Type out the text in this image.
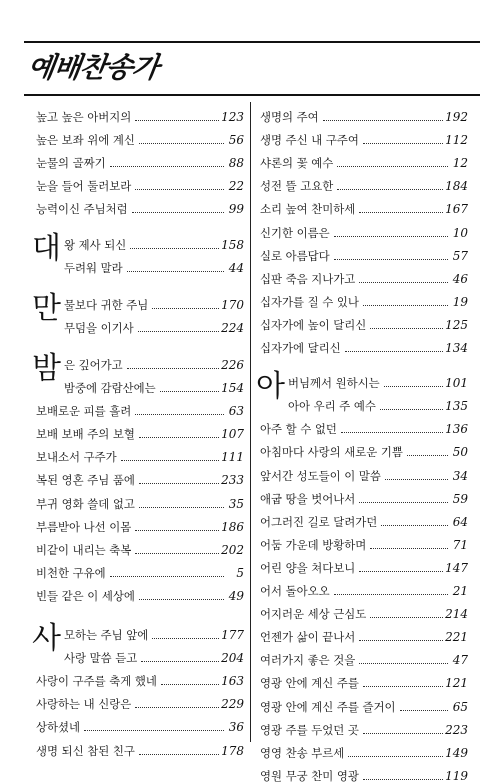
예배찬송가
높고 높은 아버지의	123
높은 보좌 위에 계신	56
눈물의 골짜기	88
눈을 들어 둘러보라	22
능력이신 주님처럼	99
대 왕 제사 되신	158
두려워 말라	44
만 물보다 귀한 주님	170
무덤을 이기사	224
밤 은 깊어가고	226
밤중에 감람산에는	154
보배로운 피를 흘려	63
보배 보배 주의 보혈	107
보내소서 구주가	111
복된 영혼 주님 품에	233
부귀 영화 쓸데 없고	35
부름받아 나선 이몸	186
비같이 내리는 축복	202
비천한 구유에	5
빈들 같은 이 세상에	49
사 모하는 주님 앞에	177
사랑 말씀 듣고	204
사랑이 구주를 축게 했네	163
사랑하는 내 신랑은	229
상하셨네	36
생명 되신 참된 친구	178
생명의 주여	192
생명 주신 내 구주여	112
샤론의 꽃 예수	12
성전 뜰 고요한	184
소리 높여 찬미하세	167
신기한 이름은	10
실로 아름답다	57
십판 죽음 지나가고	46
십자가를 질 수 있나	19
십자가에 높이 달리신	125
십자가에 달리신	134
아 버님께서 원하시는	101
아아 우리 주 예수	135
아주 할 수 없던	136
아침마다 사랑의 새로운 기쁨	50
앞서간 성도들이 이 말씀	34
애굽 땅을 벗어나서	59
어그러진 길로 달려가던	64
어둠 가운데 방황하며	71
어린 양을 쳐다보니	147
어서 돌아오오	21
어지러운 세상 근심도	214
언젠가 삶이 끝나서	221
여러가지 좋은 것을	47
영광 안에 계신 주를	121
영광 안에 계신 주를 즐거이	65
영광 주를 두었던 곳	223
영영 찬송 부르세	149
영원 무궁 찬미 영광	119
